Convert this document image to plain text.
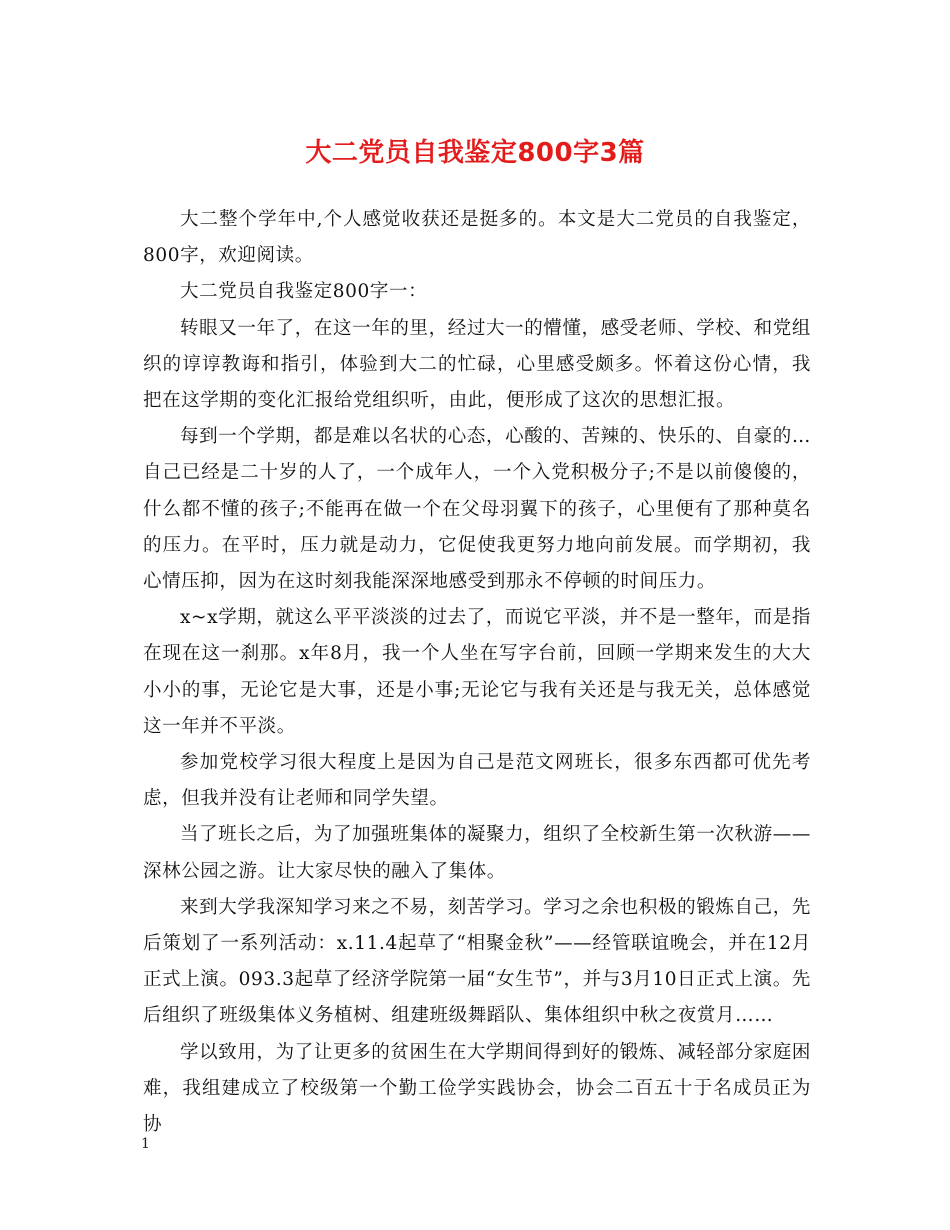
大二党员自我鉴定800字3篇

大二整个学年中,个人感觉收获还是挺多的。本文是大二党员的自我鉴定，800字，欢迎阅读。

大二党员自我鉴定800字一：

转眼又一年了，在这一年的里，经过大一的懵懂，感受老师、学校、和党组织的谆谆教诲和指引，体验到大二的忙碌，心里感受颇多。怀着这份心情，我把在这学期的变化汇报给党组织听，由此，便形成了这次的思想汇报。

每到一个学期，都是难以名状的心态，心酸的、苦辣的、快乐的、自豪的…自己已经是二十岁的人了，一个成年人，一个入党积极分子;不是以前傻傻的，什么都不懂的孩子;不能再在做一个在父母羽翼下的孩子，心里便有了那种莫名的压力。在平时，压力就是动力，它促使我更努力地向前发展。而学期初，我心情压抑，因为在这时刻我能深深地感受到那永不停顿的时间压力。

x~x学期，就这么平平淡淡的过去了，而说它平淡，并不是一整年，而是指在现在这一刹那。x年8月，我一个人坐在写字台前，回顾一学期来发生的大大小小的事，无论它是大事，还是小事;无论它与我有关还是与我无关，总体感觉这一年并不平淡。

参加党校学习很大程度上是因为自己是范文网班长，很多东西都可优先考虑，但我并没有让老师和同学失望。

当了班长之后，为了加强班集体的凝聚力，组织了全校新生第一次秋游——深林公园之游。让大家尽快的融入了集体。

来到大学我深知学习来之不易，刻苦学习。学习之余也积极的锻炼自己，先后策划了一系列活动：x.11.4起草了“相聚金秋”——经管联谊晚会，并在12月正式上演。093.3起草了经济学院第一届“女生节”，并与3月10日正式上演。先后组织了班级集体义务植树、组建班级舞蹈队、集体组织中秋之夜赏月……

学以致用，为了让更多的贫困生在大学期间得到好的锻炼、减轻部分家庭困难，我组建成立了校级第一个勤工俭学实践协会，协会二百五十于名成员正为协

1
